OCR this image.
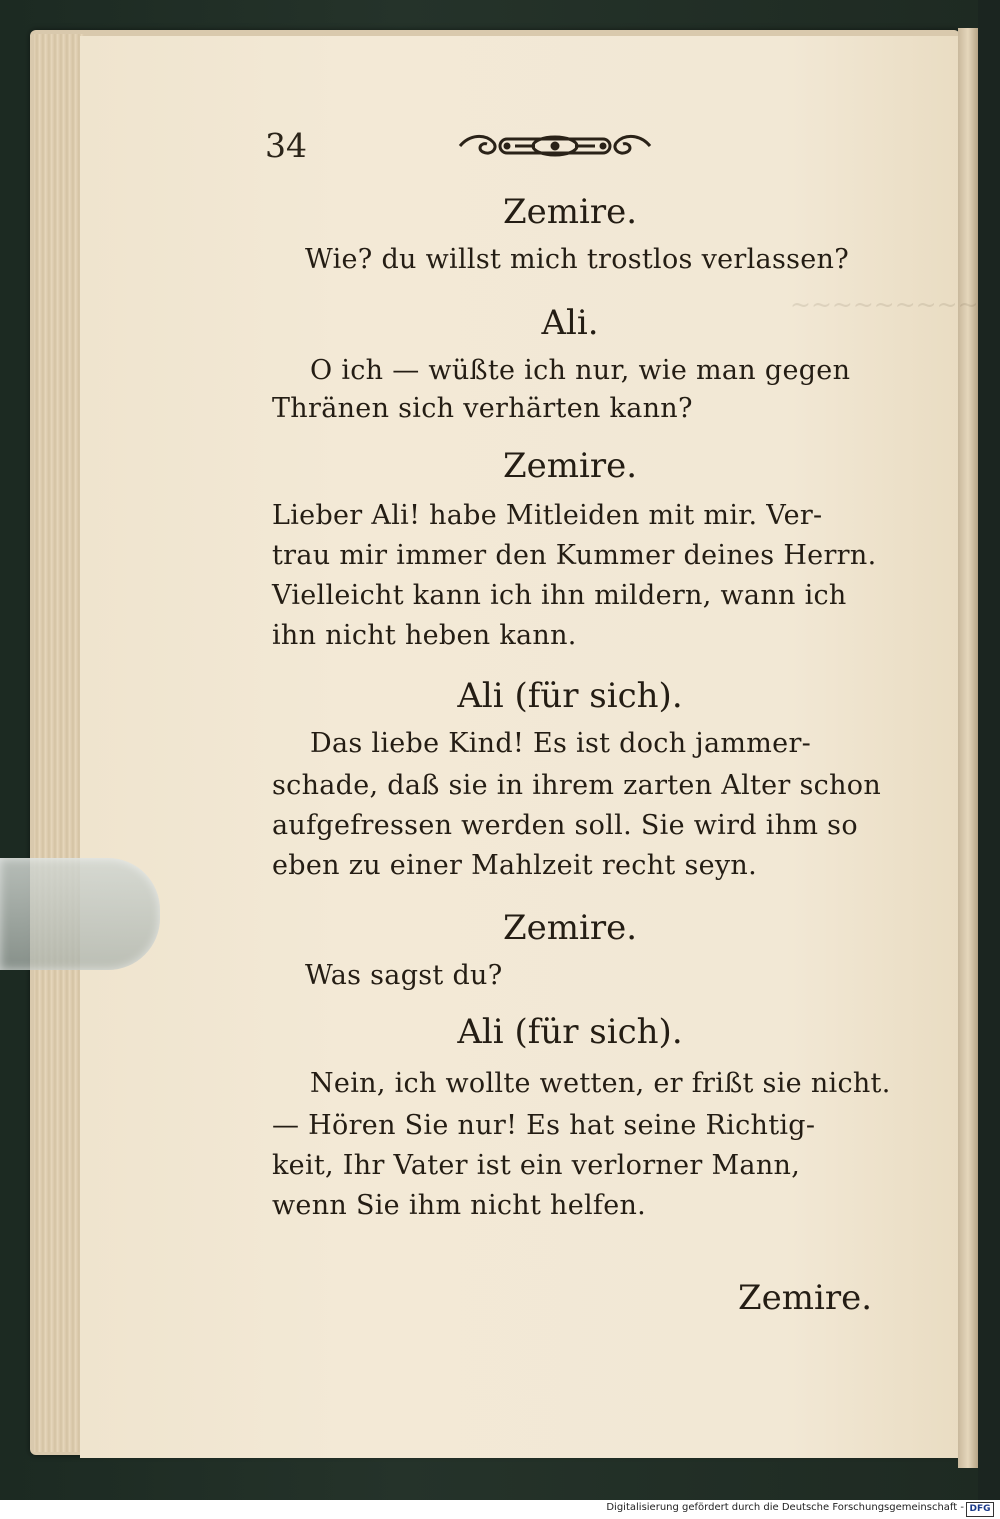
~~~~~~~~~
34
Zemire.
Wie? du willst mich trostlos verlassen?
Ali.
O ich — wüßte ich nur, wie man gegen
Thränen sich verhärten kann?
Zemire.
Lieber Ali! habe Mitleiden mit mir. Ver-
trau mir immer den Kummer deines Herrn.
Vielleicht kann ich ihn mildern, wann ich
ihn nicht heben kann.
Ali (für sich).
Das liebe Kind! Es ist doch jammer-
schade, daß sie in ihrem zarten Alter schon
aufgefressen werden soll. Sie wird ihm so
eben zu einer Mahlzeit recht seyn.
Zemire.
Was sagst du?
Ali (für sich).
Nein, ich wollte wetten, er frißt sie nicht.
— Hören Sie nur! Es hat seine Richtig-
keit, Ihr Vater ist ein verlorner Mann,
wenn Sie ihm nicht helfen.
Zemire.
Digitalisierung gefördert durch die Deutsche Forschungsgemeinschaft - DFG
